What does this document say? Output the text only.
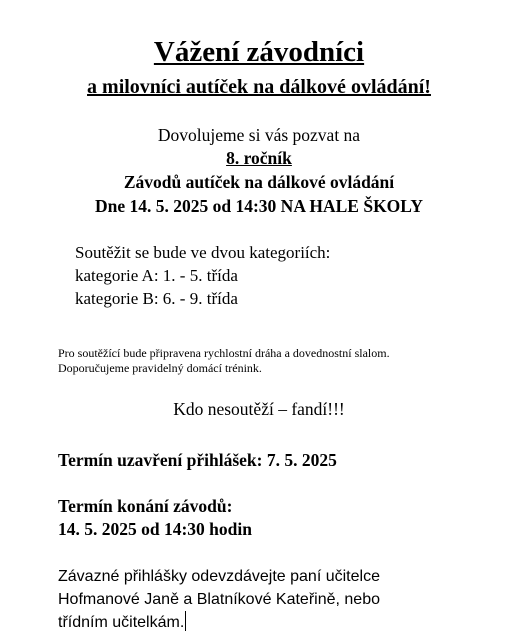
Vážení závodníci

a milovníci autíček na dálkové ovládání!

Dovolujeme si vás pozvat na

8. ročník

Závodů autíček na dálkové ovládání

Dne 14. 5. 2025 od 14:30 NA HALE ŠKOLY

Soutěžit se bude ve dvou kategoriích:

kategorie A: 1. - 5. třída

kategorie B: 6. - 9. třída

Pro soutěžící bude připravena rychlostní dráha a dovednostní slalom.

Doporučujeme pravidelný domácí trénink.

Kdo nesoutěží – fandí!!!

Termín uzavření přihlášek: 7. 5. 2025

Termín konání závodů:

14. 5. 2025 od 14:30 hodin

Závazné přihlášky odevzdávejte paní učitelce

Hofmanové Janě a Blatníkové Kateřině, nebo

třídním učitelkám.
